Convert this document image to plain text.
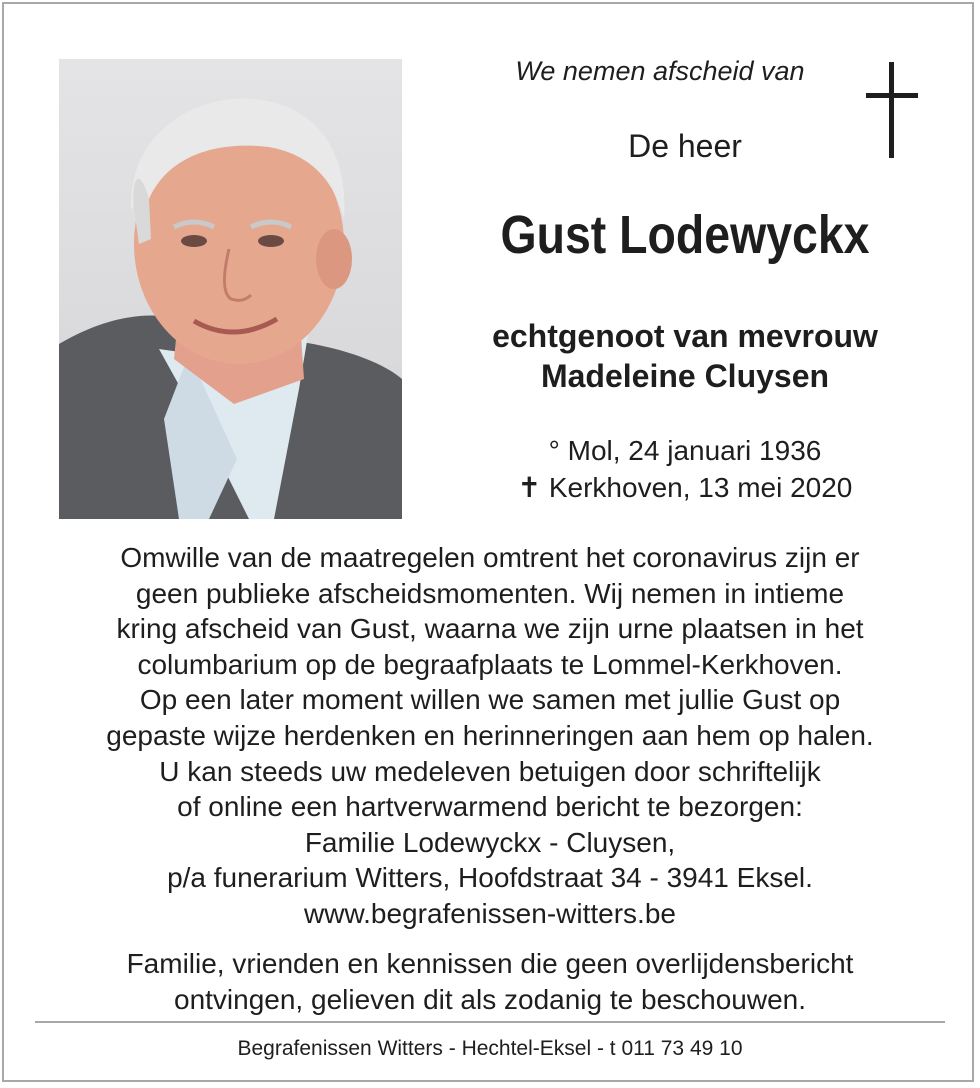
We nemen afscheid van
De heer
Gust Lodewyckx
echtgenoot van mevrouw
Madeleine Cluysen
° Mol, 24 januari 1936
✝ Kerkhoven, 13 mei 2020
Omwille van de maatregelen omtrent het coronavirus zijn er
geen publieke afscheidsmomenten. Wij nemen in intieme
kring afscheid van Gust, waarna we zijn urne plaatsen in het
columbarium op de begraafplaats te Lommel-Kerkhoven.
Op een later moment willen we samen met jullie Gust op
gepaste wijze herdenken en herinneringen aan hem op halen.
U kan steeds uw medeleven betuigen door schriftelijk
of online een hartverwarmend bericht te bezorgen:
Familie Lodewyckx - Cluysen,
p/a funerarium Witters, Hoofdstraat 34 - 3941 Eksel.
www.begrafenissen-witters.be
Familie, vrienden en kennissen die geen overlijdensbericht
ontvingen, gelieven dit als zodanig te beschouwen.
Begrafenissen Witters - Hechtel-Eksel - t 011 73 49 10
